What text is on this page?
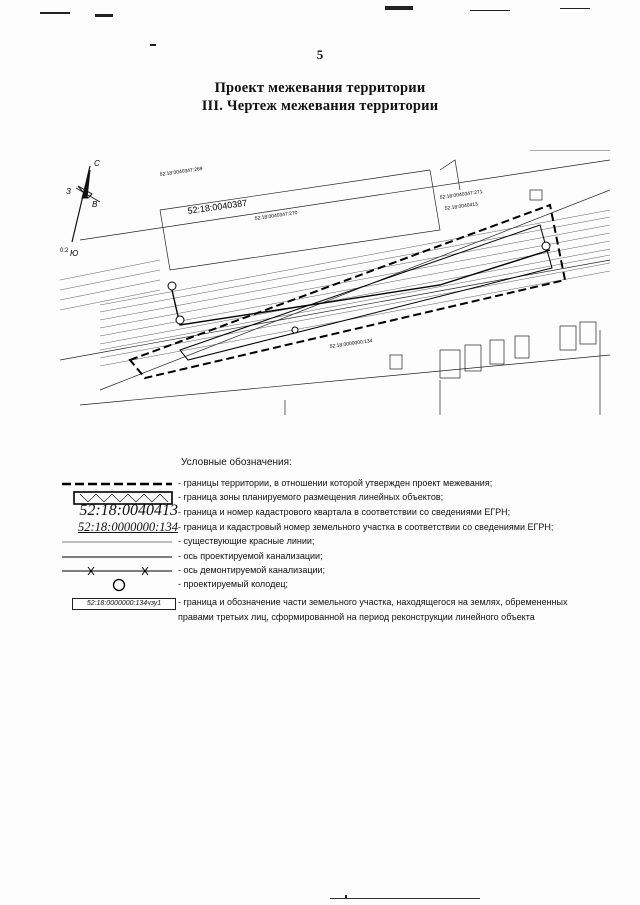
5
Проект межевания территории
III. Чертеж межевания территории
С
З
В
Ю
0:2
52:18:0040387	52:18:0040413
52:18:0040347:269
52:18:0040347:270
52:18:0040347:271
52:18:0000000:134
Условные обозначения:
- границы территории, в отношении которой утвержден проект межевания;
- граница зоны планируемого размещения линейных объектов;
52:18:0040413 - граница и номер кадастрового квартала в соответствии со сведениями ЕГРН;
52:18:0000000:134 - граница и кадастровый номер земельного участка в соответствии со сведениями ЕГРН;
- существующие красные линии;
- ось проектируемой канализации;
- ось демонтируемой канализации;
- проектируемый колодец;
52:18:0000000:134чзу1	- граница и обозначение части земельного участка, находящегося на землях, обремененных
правами третьих лиц, сформированной на период реконструкции линейного объекта
